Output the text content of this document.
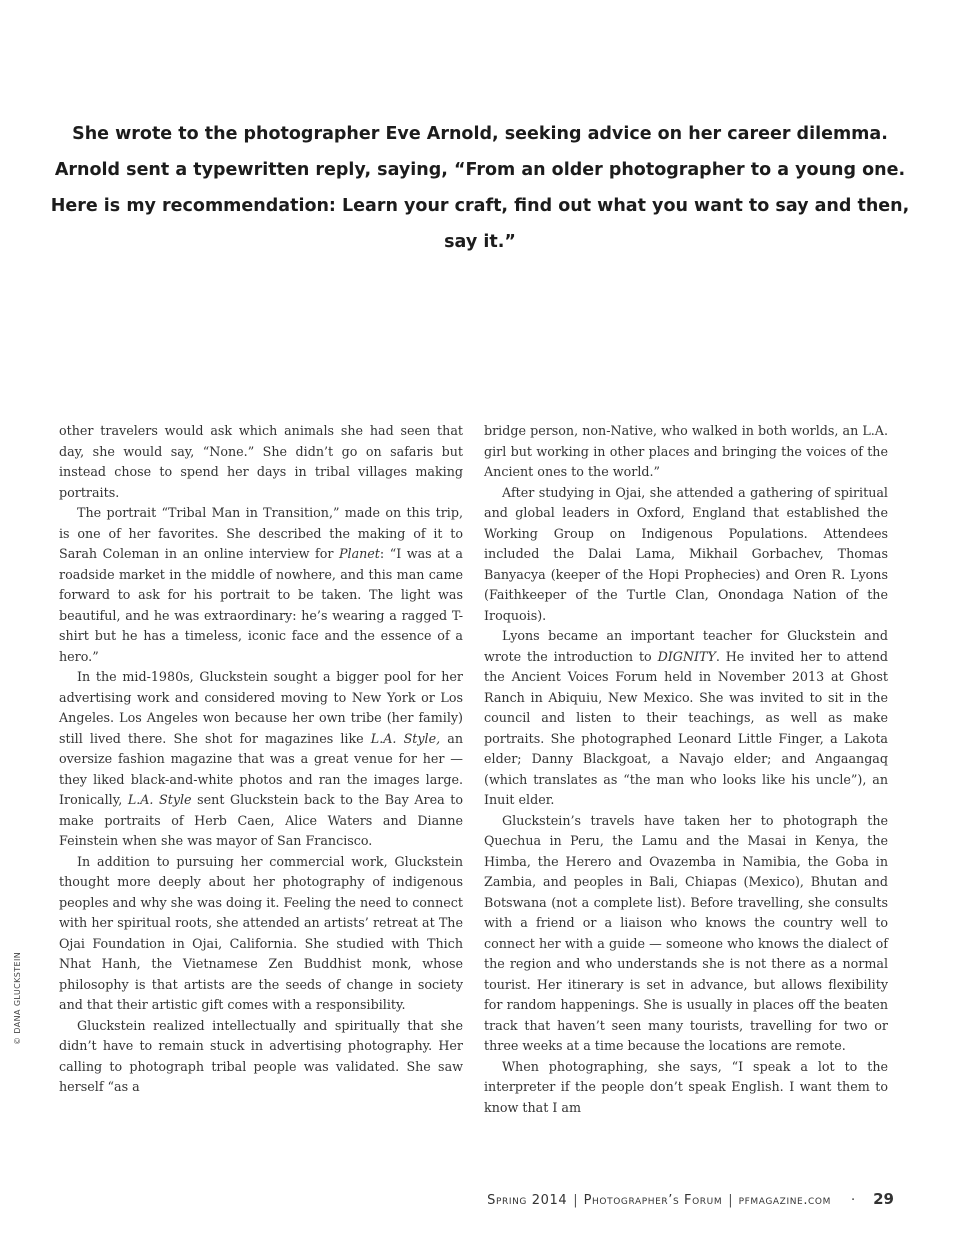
She wrote to the photographer Eve Arnold, seeking advice on her career dilemma. Arnold sent a typewritten reply, saying, “From an older photographer to a young one. Here is my recommendation: Learn your craft, find out what you want to say and then, say it.”
© DANA GLUCKSTEIN

other travelers would ask which animals she had seen that day, she would say, “None.” She didn’t go on safaris but instead chose to spend her days in tribal villages making portraits.

The portrait “Tribal Man in Transition,” made on this trip, is one of her favorites. She described the making of it to Sarah Coleman in an online interview for Planet: “I was at a roadside market in the middle of nowhere, and this man came forward to ask for his portrait to be taken. The light was beautiful, and he was extraordinary: he’s wearing a ragged T-shirt but he has a timeless, iconic face and the essence of a hero.”

In the mid-1980s, Gluckstein sought a bigger pool for her advertising work and considered moving to New York or Los Angeles. Los Angeles won because her own tribe (her family) still lived there. She shot for magazines like L.A. Style, an oversize fashion magazine that was a great venue for her — they liked black-and-white photos and ran the images large. Ironically, L.A. Style sent Gluckstein back to the Bay Area to make portraits of Herb Caen, Alice Waters and Dianne Feinstein when she was mayor of San Francisco.

In addition to pursuing her commercial work, Gluckstein thought more deeply about her photography of indigenous peoples and why she was doing it. Feeling the need to connect with her spiritual roots, she attended an artists’ retreat at The Ojai Foundation in Ojai, California. She studied with Thich Nhat Hanh, the Vietnamese Zen Buddhist monk, whose philosophy is that artists are the seeds of change in society and that their artistic gift comes with a responsibility.

Gluckstein realized intellectually and spiritually that she didn’t have to remain stuck in advertising photography. Her calling to photograph tribal people was validated. She saw herself “as a

bridge person, non-Native, who walked in both worlds, an L.A. girl but working in other places and bringing the voices of the Ancient ones to the world.”

After studying in Ojai, she attended a gathering of spiritual and global leaders in Oxford, England that established the Working Group on Indigenous Populations. Attendees included the Dalai Lama, Mikhail Gorbachev, Thomas Banyacya (keeper of the Hopi Prophecies) and Oren R. Lyons (Faithkeeper of the Turtle Clan, Onondaga Nation of the Iroquois).

Lyons became an important teacher for Gluckstein and wrote the introduction to DIGNITY. He invited her to attend the Ancient Voices Forum held in November 2013 at Ghost Ranch in Abiquiu, New Mexico. She was invited to sit in the council and listen to their teachings, as well as make portraits. She photographed Leonard Little Finger, a Lakota elder; Danny Blackgoat, a Navajo elder; and Angaangaq (which translates as “the man who looks like his uncle”), an Inuit elder.

Gluckstein’s travels have taken her to photograph the Quechua in Peru, the Lamu and the Masai in Kenya, the Himba, the Herero and Ovazemba in Namibia, the Goba in Zambia, and peoples in Bali, Chiapas (Mexico), Bhutan and Botswana (not a complete list). Before travelling, she consults with a friend or a liaison who knows the country well to connect her with a guide — someone who knows the dialect of the region and who understands she is not there as a normal tourist. Her itinerary is set in advance, but allows flexibility for random happenings. She is usually in places off the beaten track that haven’t seen many tourists, travelling for two or three weeks at a time because the locations are remote.

When photographing, she says, “I speak a lot to the interpreter if the people don’t speak English. I want them to know that I am

Spring 2014 | Photographer’s Forum | pfmagazine.com · 29
